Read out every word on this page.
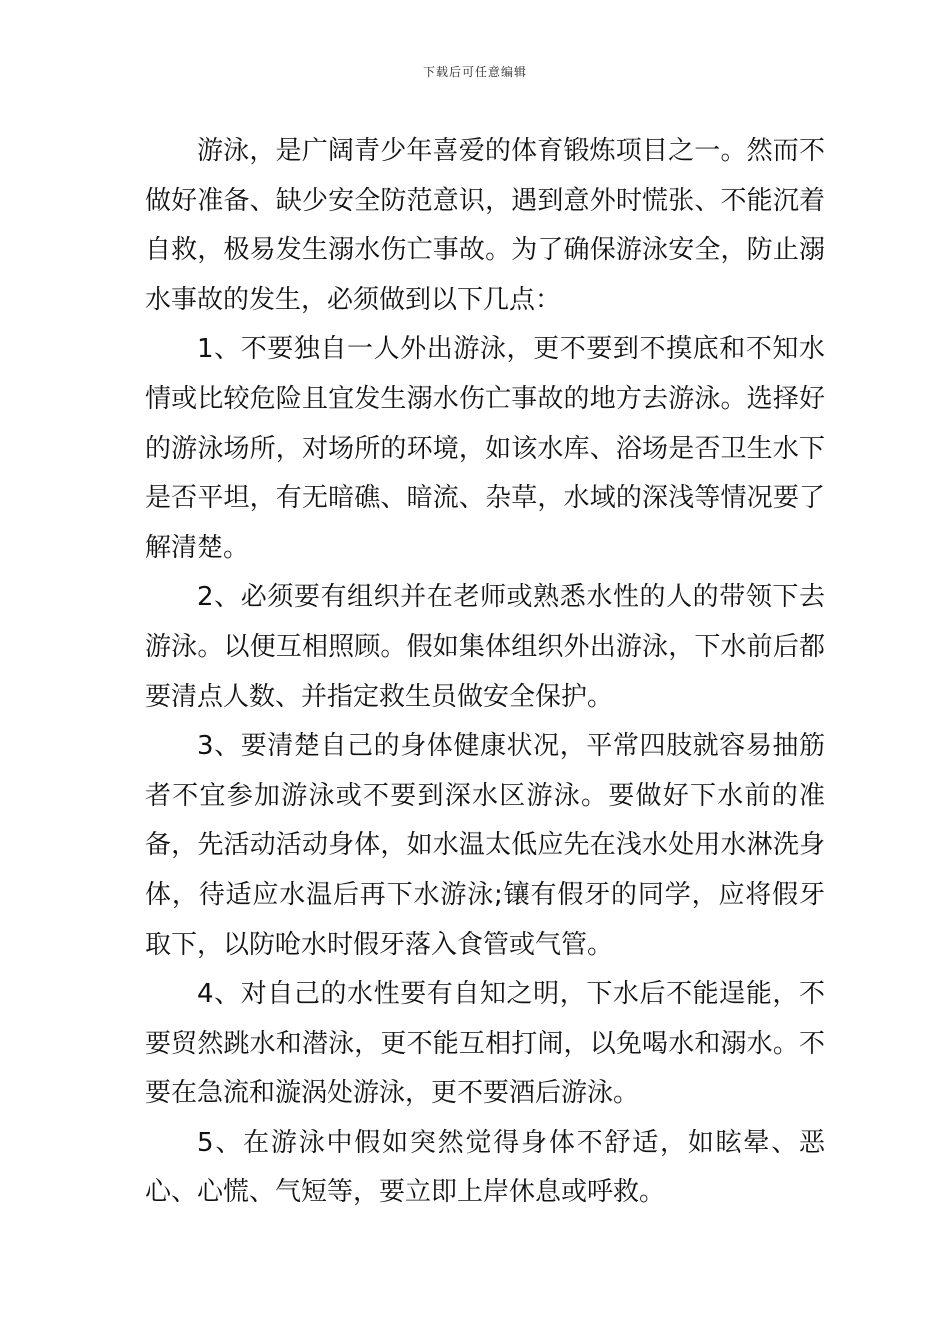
下载后可任意编辑

游泳，是广阔青少年喜爱的体育锻炼项目之一。然而不做好准备、缺少安全防范意识，遇到意外时慌张、不能沉着自救，极易发生溺水伤亡事故。为了确保游泳安全，防止溺水事故的发生，必须做到以下几点：

1、不要独自一人外出游泳，更不要到不摸底和不知水情或比较危险且宜发生溺水伤亡事故的地方去游泳。选择好的游泳场所，对场所的环境，如该水库、浴场是否卫生水下是否平坦，有无暗礁、暗流、杂草，水域的深浅等情况要了解清楚。

2、必须要有组织并在老师或熟悉水性的人的带领下去游泳。以便互相照顾。假如集体组织外出游泳，下水前后都要清点人数、并指定救生员做安全保护。

3、要清楚自己的身体健康状况，平常四肢就容易抽筋者不宜参加游泳或不要到深水区游泳。要做好下水前的准备，先活动活动身体，如水温太低应先在浅水处用水淋洗身体，待适应水温后再下水游泳;镶有假牙的同学，应将假牙取下，以防呛水时假牙落入食管或气管。

4、对自己的水性要有自知之明，下水后不能逞能，不要贸然跳水和潜泳，更不能互相打闹，以免喝水和溺水。不要在急流和漩涡处游泳，更不要酒后游泳。

5、在游泳中假如突然觉得身体不舒适，如眩晕、恶心、心慌、气短等，要立即上岸休息或呼救。
